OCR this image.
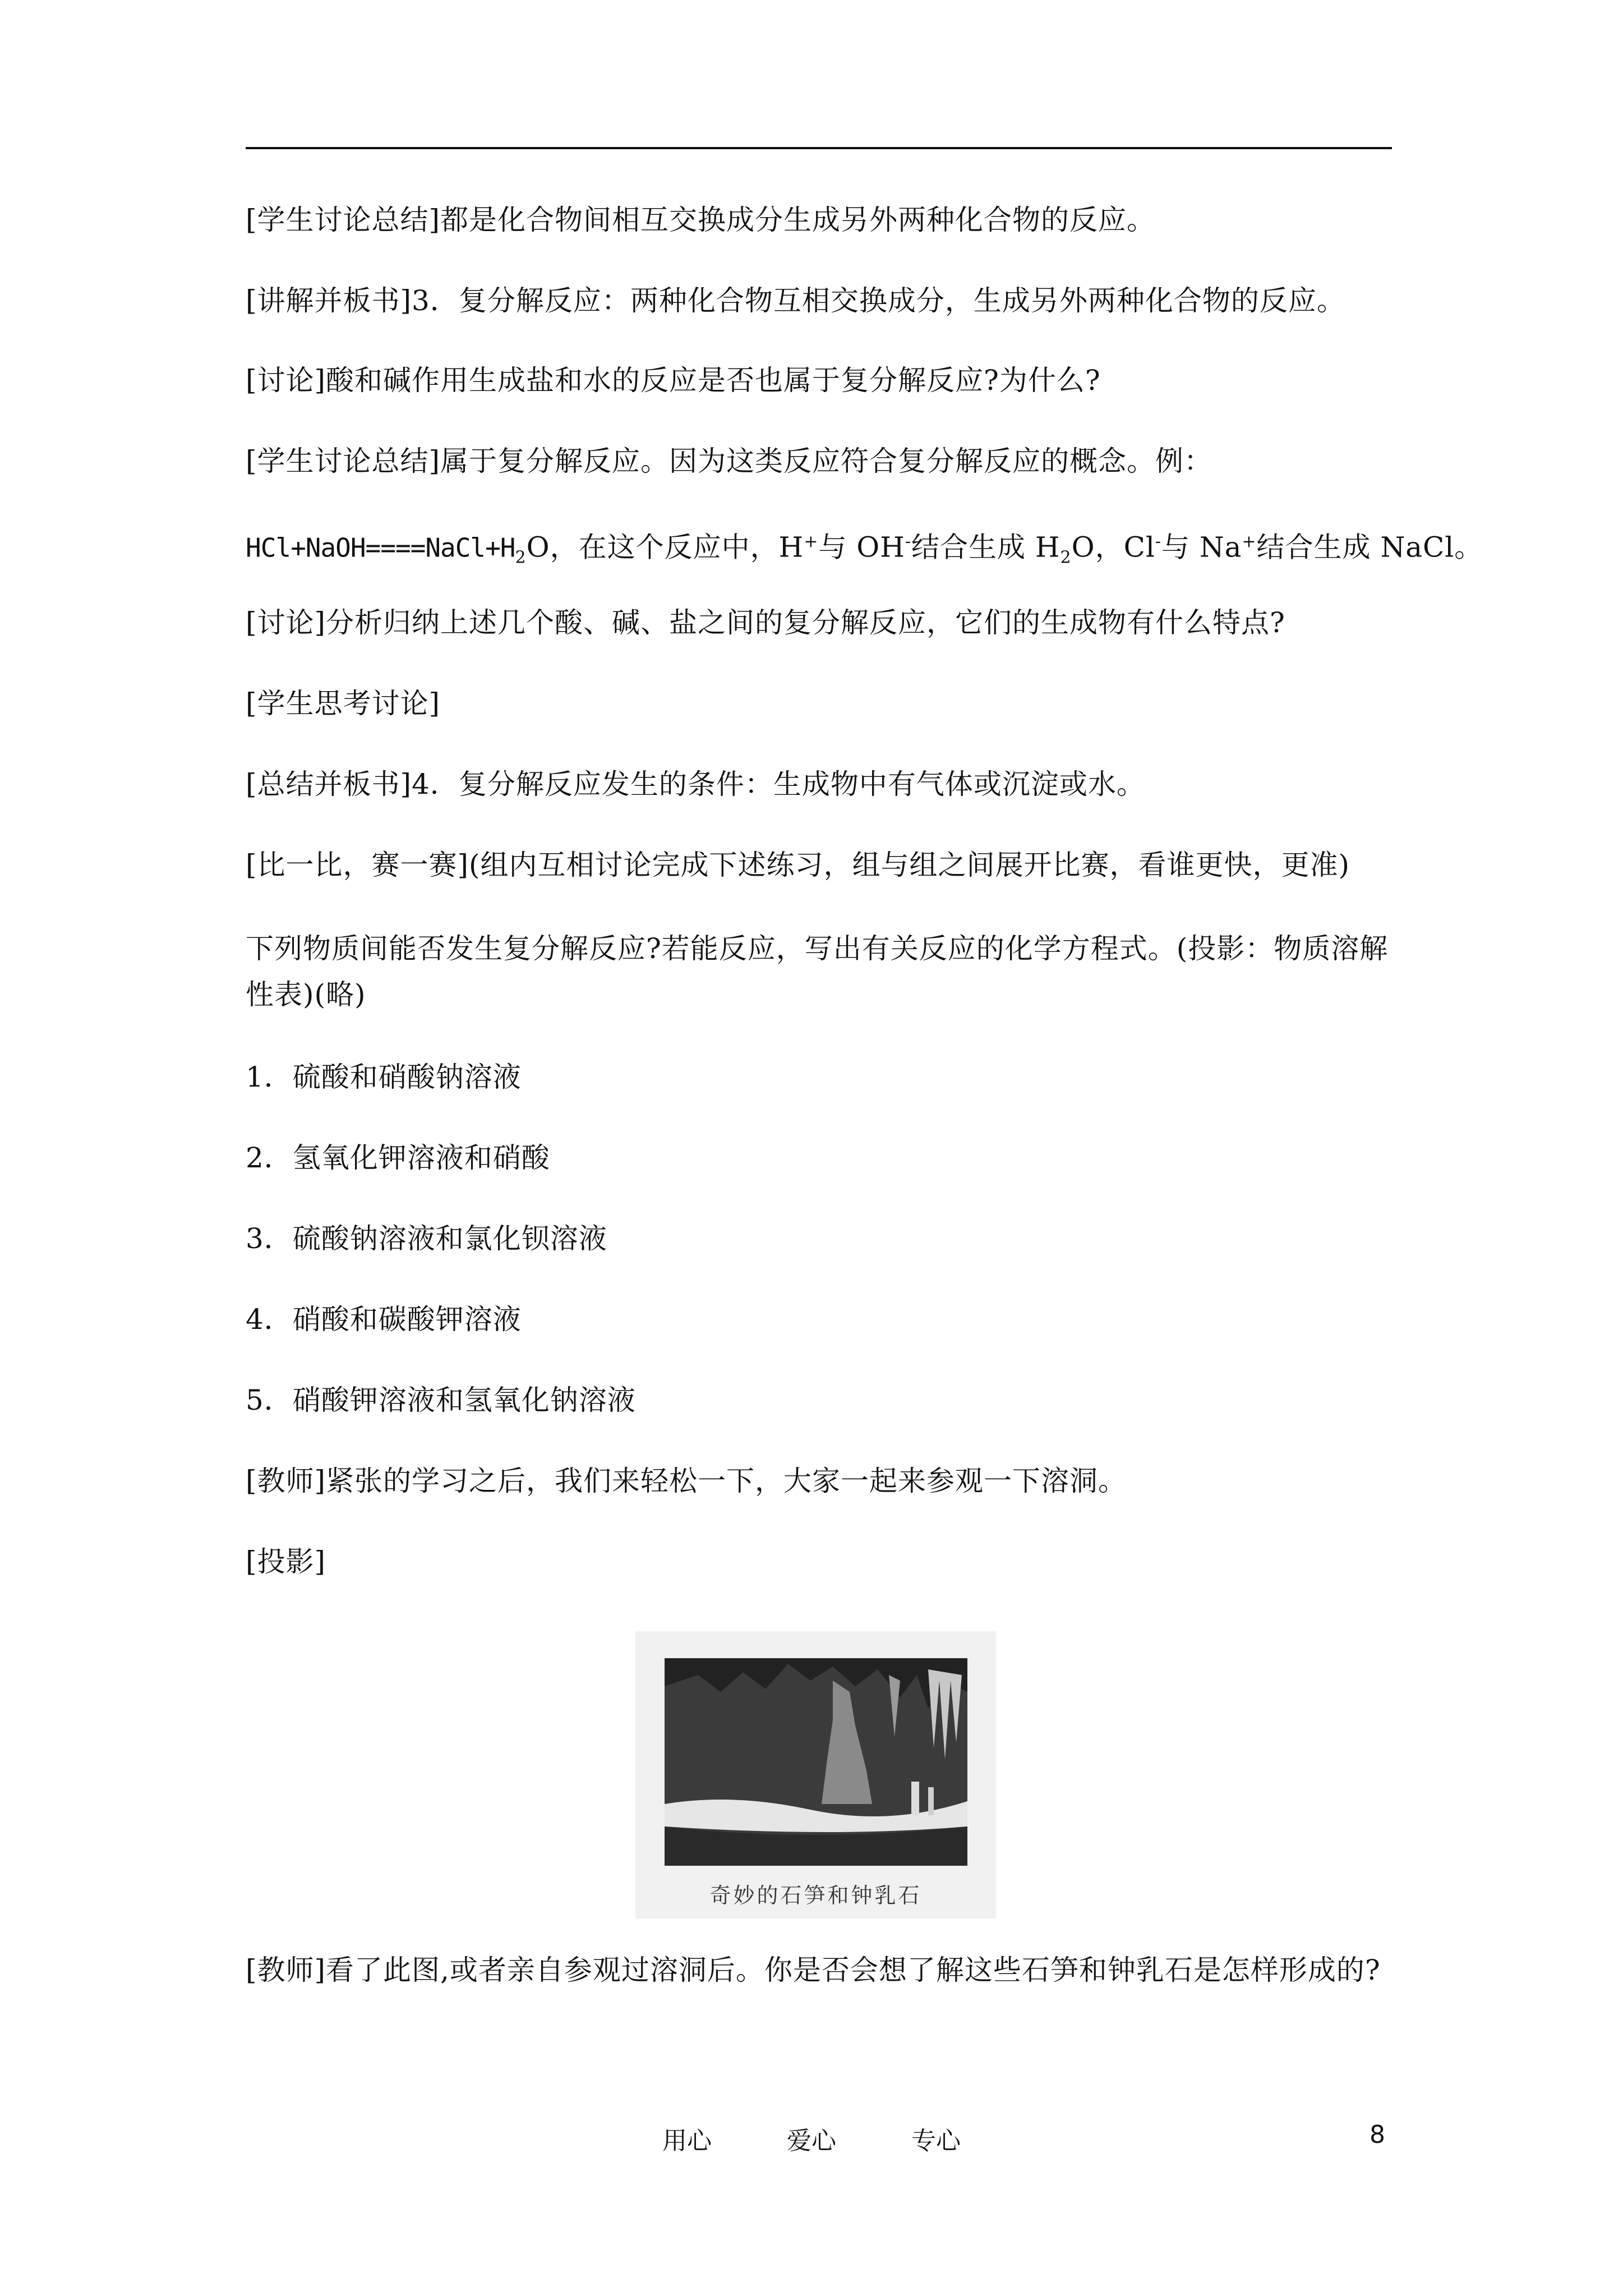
[学生讨论总结]都是化合物间相互交换成分生成另外两种化合物的反应。
[讲解并板书]3．复分解反应：两种化合物互相交换成分，生成另外两种化合物的反应。
[讨论]酸和碱作用生成盐和水的反应是否也属于复分解反应?为什么?
[学生讨论总结]属于复分解反应。因为这类反应符合复分解反应的概念。例：
$HCl+NaOH====NaCl+H_2O$，在这个反应中，H+与 OH-结合生成 $H_2O$，Cl-与 Na+结合生成 NaCl。
[讨论]分析归纳上述几个酸、碱、盐之间的复分解反应，它们的生成物有什么特点?
[学生思考讨论]
[总结并板书]4．复分解反应发生的条件：生成物中有气体或沉淀或水。
[比一比，赛一赛](组内互相讨论完成下述练习，组与组之间展开比赛，看谁更快，更准)
下列物质间能否发生复分解反应?若能反应，写出有关反应的化学方程式。(投影：物质溶解性表)(略)
1．硫酸和硝酸钠溶液
2．氢氧化钾溶液和硝酸
3．硫酸钠溶液和氯化钡溶液
4．硝酸和碳酸钾溶液
5．硝酸钾溶液和氢氧化钠溶液
[教师]紧张的学习之后，我们来轻松一下，大家一起来参观一下溶洞。
[投影]
奇妙的石笋和钟乳石
[教师]看了此图,或者亲自参观过溶洞后。你是否会想了解这些石笋和钟乳石是怎样形成的?
用心	爱心	专心	8
